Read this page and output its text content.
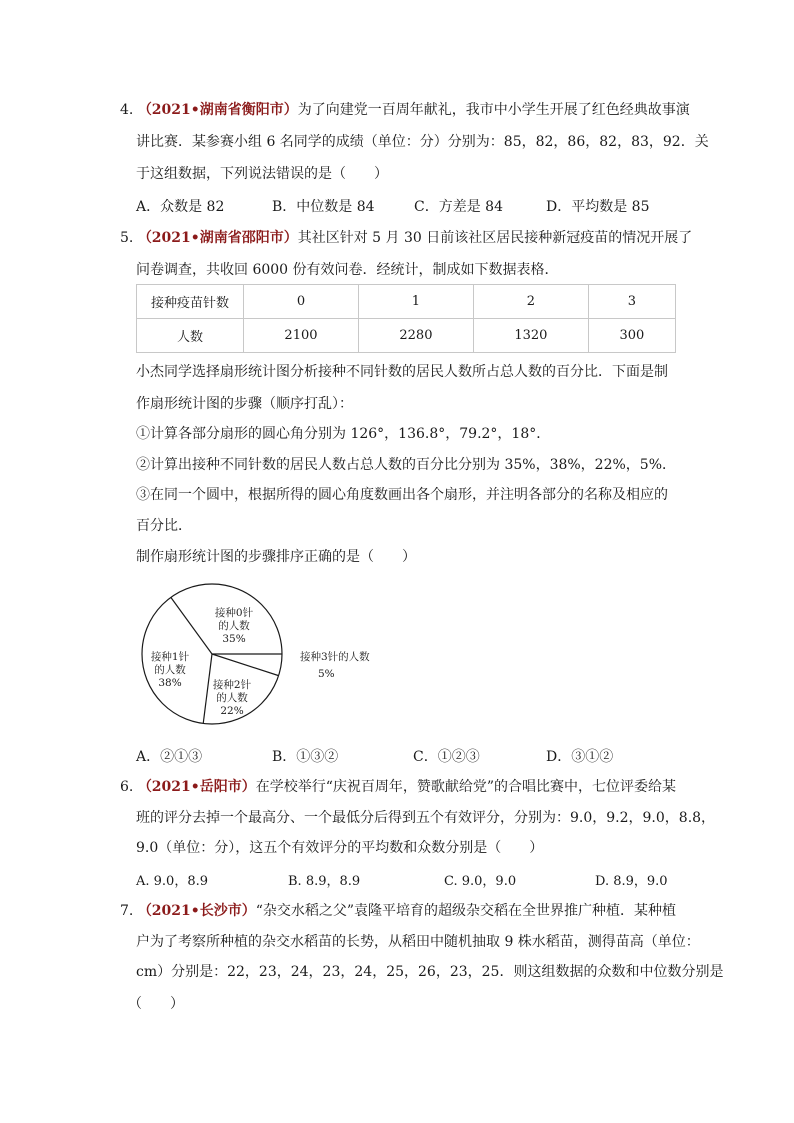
4. （2021•湖南省衡阳市）为了向建党一百周年献礼，我市中小学生开展了红色经典故事演
讲比赛．某参赛小组 6 名同学的成绩（单位：分）分别为：85，82，86，82，83，92．关
于这组数据，下列说法错误的是（　　）
A．众数是 82	B．中位数是 84	C．方差是 84	D．平均数是 85
5. （2021•湖南省邵阳市）其社区针对 5 月 30 日前该社区居民接种新冠疫苗的情况开展了
问卷调查，共收回 6000 份有效问卷．经统计，制成如下数据表格．
接种疫苗针数	0	1	2	3
人数	2100	2280	1320	300
小杰同学选择扇形统计图分析接种不同针数的居民人数所占总人数的百分比．下面是制
作扇形统计图的步骤（顺序打乱）：
①计算各部分扇形的圆心角分别为 126°，136.8°，79.2°，18°．
②计算出接种不同针数的居民人数占总人数的百分比分别为 35%，38%，22%，5%．
③在同一个圆中，根据所得的圆心角度数画出各个扇形，并注明各部分的名称及相应的
百分比．
制作扇形统计图的步骤排序正确的是（　　）
接种3针的人数
5%
接种2针
的人数
22%
接种1针
的人数
38%
接种0针
的人数
35%
A．②①③	B．①③②	C．①②③	D．③①②
6. （2021•岳阳市）在学校举行“庆祝百周年，赞歌献给党”的合唱比赛中，七位评委给某
班的评分去掉一个最高分、一个最低分后得到五个有效评分，分别为：9.0，9.2，9.0，8.8，
9.0（单位：分），这五个有效评分的平均数和众数分别是（　　）
A. 9.0，8.9	B. 8.9，8.9	C. 9.0，9.0	D. 8.9，9.0
7. （2021•长沙市）“杂交水稻之父”袁隆平培育的超级杂交稻在全世界推广种植．某种植
户为了考察所种植的杂交水稻苗的长势，从稻田中随机抽取 9 株水稻苗，测得苗高（单位：
cm）分别是：22，23，24，23，24，25，26，23，25．则这组数据的众数和中位数分别是
（　　）
